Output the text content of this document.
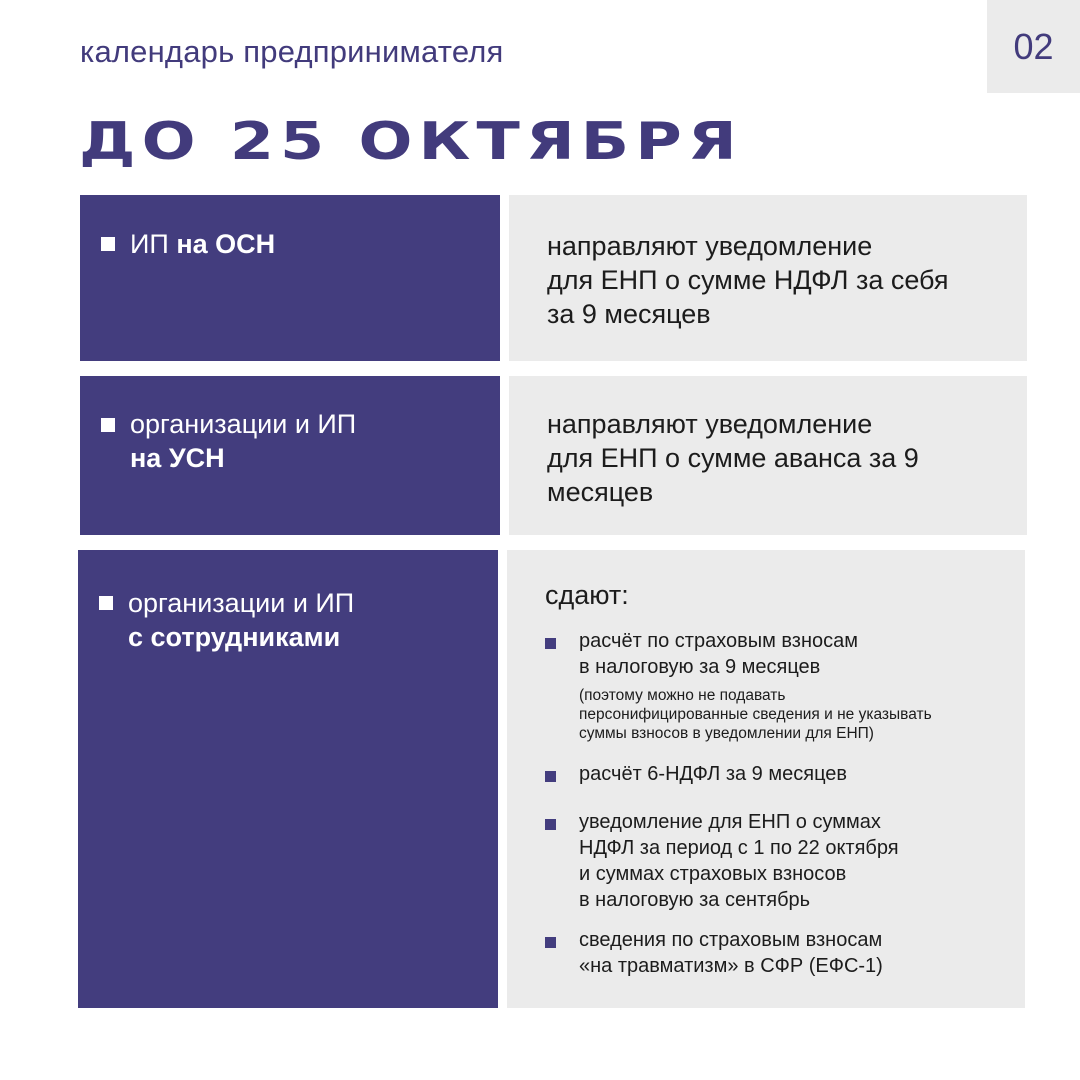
календарь предпринимателя	02
ДО 25 ОКТЯБРЯ
ИП на ОСН	направляют уведомление
для ЕНП о сумме НДФЛ за себя
за 9 месяцев
организации и ИП
на УСН
направляют уведомление
для ЕНП о сумме аванса за 9
месяцев
организации и ИП
с сотрудниками
сдают:
расчёт по страховым взносам
в налоговую за 9 месяцев
(поэтому можно не подавать
персонифицированные сведения и не указывать
суммы взносов в уведомлении для ЕНП)
расчёт 6-НДФЛ за 9 месяцев
уведомление для ЕНП о суммах
НДФЛ за период с 1 по 22 октября
и суммах страховых взносов
в налоговую за сентябрь
сведения по страховым взносам
«на травматизм» в СФР (ЕФС-1)
